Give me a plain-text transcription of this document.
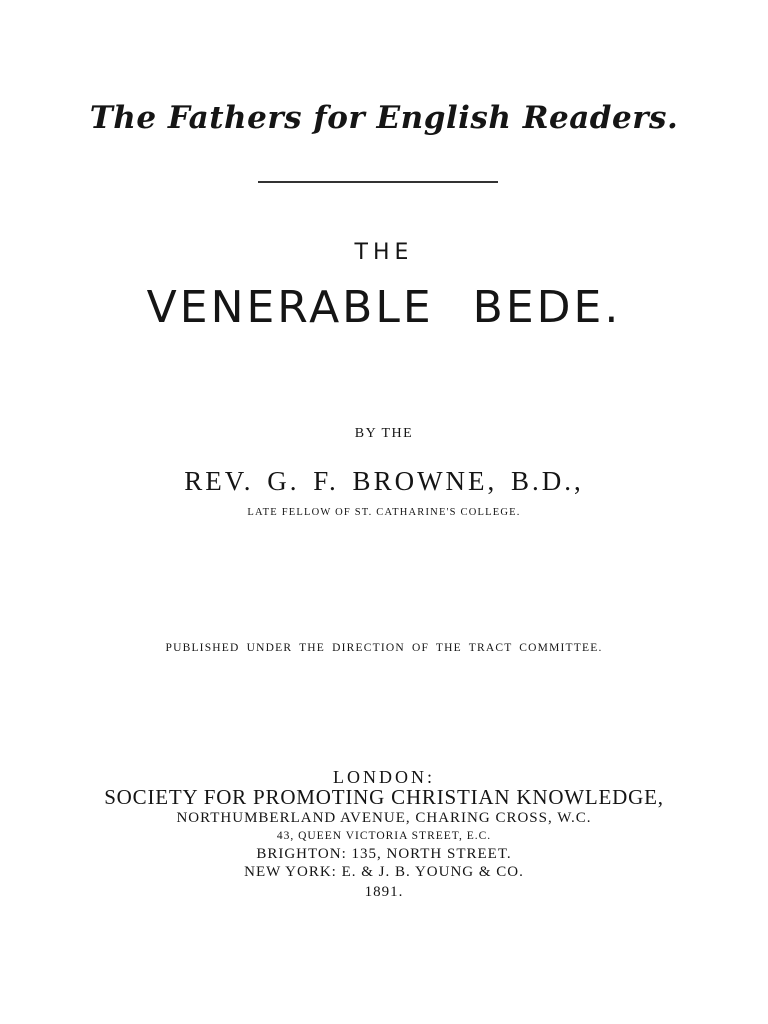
The Fathers for English Readers.
THE
VENERABLE BEDE.
BY THE
REV. G. F. BROWNE, B.D.,
LATE FELLOW OF ST. CATHARINE'S COLLEGE.
PUBLISHED UNDER THE DIRECTION OF THE TRACT COMMITTEE.
LONDON:
SOCIETY FOR PROMOTING CHRISTIAN KNOWLEDGE,
NORTHUMBERLAND AVENUE, CHARING CROSS, W.C.
43, QUEEN VICTORIA STREET, E.C.
BRIGHTON: 135, NORTH STREET.
NEW YORK: E. & J. B. YOUNG & CO.
1891.
